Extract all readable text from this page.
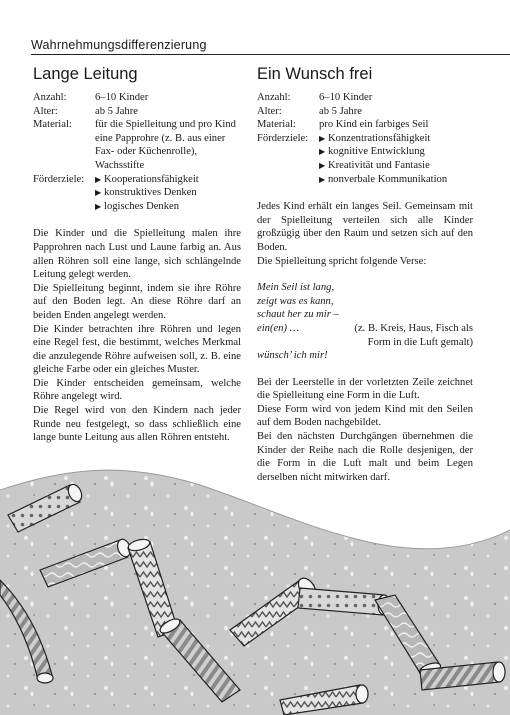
Wahrnehmungsdifferenzierung
Lange Leitung
Anzahl:	6–10 Kinder
Alter:	ab 5 Jahre
Material:	für die Spielleitung und pro Kind eine Papprohre (z. B. aus einer Fax- oder Küchenrolle), Wachsstifte
Förderziele:	▶ Kooperationsfähigkeit
▶ konstruktives Denken
▶ logisches Denken

Die Kinder und die Spielleitung malen ihre Papprohren nach Lust und Laune farbig an. Aus allen Röhren soll eine lange, sich schlängelnde Leitung gelegt werden.

Die Spielleitung beginnt, indem sie ihre Röhre auf den Boden legt. An diese Röhre darf an beiden Enden angelegt werden.

Die Kinder betrachten ihre Röhren und legen eine Regel fest, die bestimmt, welches Merkmal die anzulegende Röhre aufweisen soll, z. B. eine gleiche Farbe oder ein gleiches Muster.

Die Kinder entscheiden gemeinsam, welche Röhre angelegt wird.

Die Regel wird von den Kindern nach jeder Runde neu festgelegt, so dass schließlich eine lange bunte Leitung aus allen Röhren entsteht.

Ein Wunsch frei
Anzahl:	6–10 Kinder
Alter:	ab 5 Jahre
Material:	pro Kind ein farbiges Seil
Förderziele:	▶ Konzentrationsfähigkeit
▶ kognitive Entwicklung
▶ Kreativität und Fantasie
▶ nonverbale Kommunikation

Jedes Kind erhält ein langes Seil. Gemeinsam mit der Spielleitung verteilen sich alle Kinder großzügig über den Raum und setzen sich auf den Boden.

Die Spielleitung spricht folgende Verse:

Mein Seil ist lang,
zeigt was es kann,
schaut her zu mir –
ein(en) …	(z. B. Kreis, Haus, Fisch als Form in die Luft gemalt)
wünsch’ ich mir!

Bei der Leerstelle in der vorletzten Zeile zeichnet die Spielleitung eine Form in die Luft.

Diese Form wird von jedem Kind mit den Seilen auf dem Boden nachgebildet.

Bei den nächsten Durchgängen übernehmen die Kinder der Reihe nach die Rolle desjenigen, der die Form in die Luft malt und beim Legen derselben nicht mitwirken darf.
